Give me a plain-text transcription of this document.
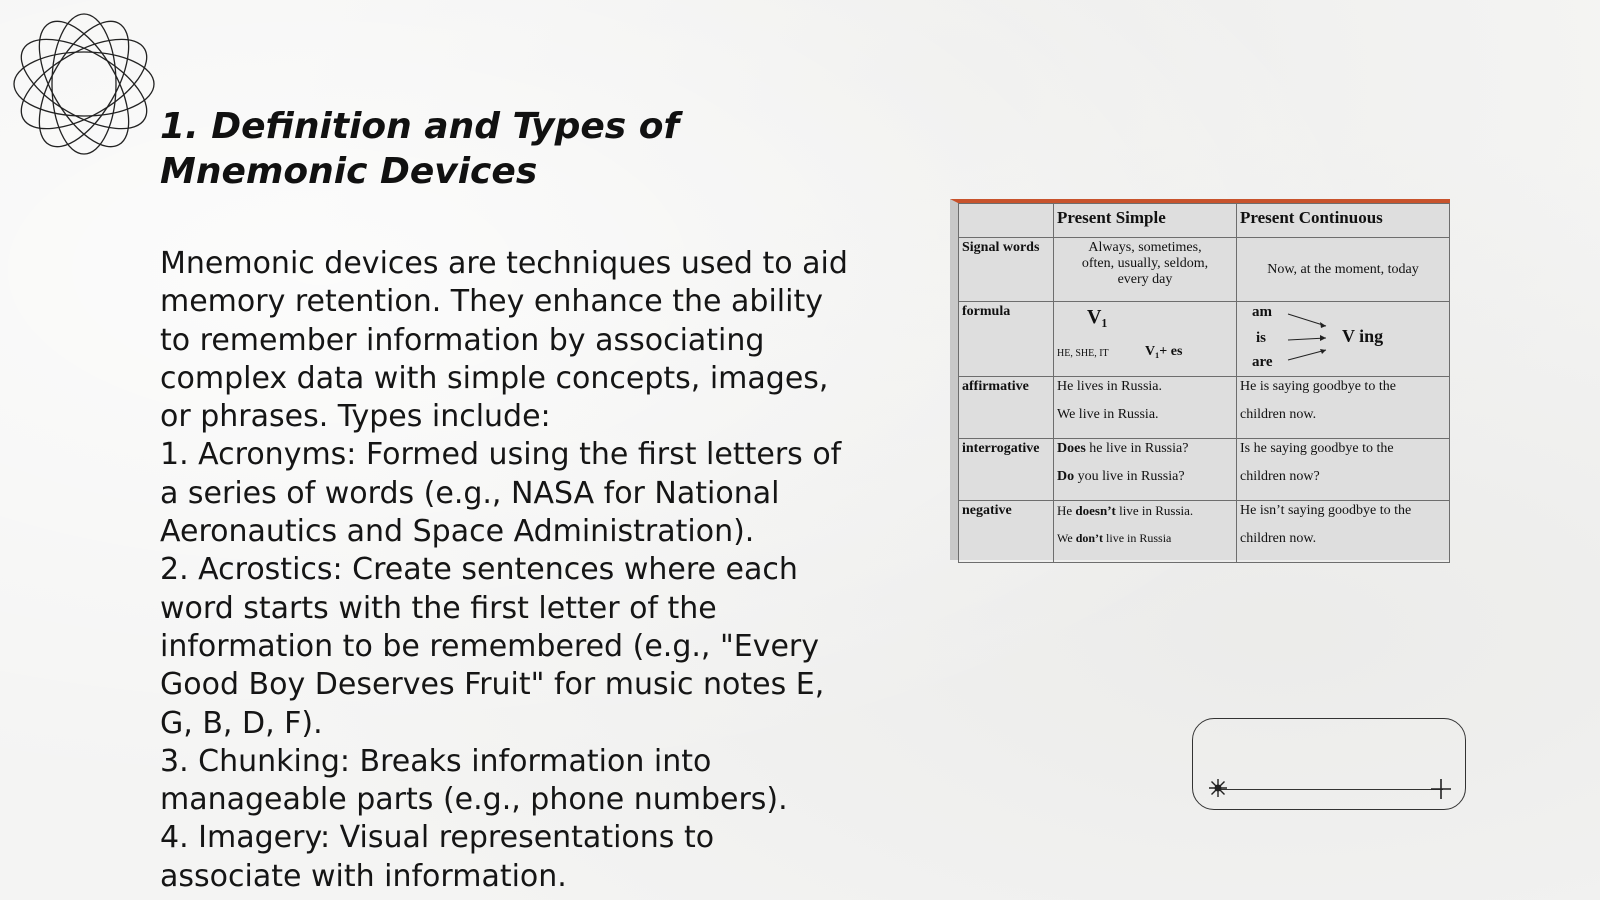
1. Definition and Types of Mnemonic Devices

Mnemonic devices are techniques used to aid memory retention. They enhance the ability to remember information by associating complex data with simple concepts, images, or phrases. Types include:

1. Acronyms: Formed using the first letters of a series of words (e.g., NASA for National Aeronautics and Space Administration).

2. Acrostics: Create sentences where each word starts with the first letter of the information to be remembered (e.g., "Every Good Boy Deserves Fruit" for music notes E, G, B, D, F).

3. Chunking: Breaks information into manageable parts (e.g., phone numbers).

4. Imagery: Visual representations to associate with information.

	Present Simple	Present Continuous
Signal words	Always, sometimes,
often, usually, seldom,
every day	Now, at the moment, today
formula	V₁
HE, SHE, IT V₁+ es	am
is
are
V ing

affirmative	He lives in Russia.
We live in Russia.	He is saying goodbye to the
children now.

interrogative	Does he live in Russia?
Do you live in Russia?	Is he saying goodbye to the
children now?

negative	He doesn’t live in Russia.
We don’t live in Russia	He isn’t saying goodbye to the
children now.
